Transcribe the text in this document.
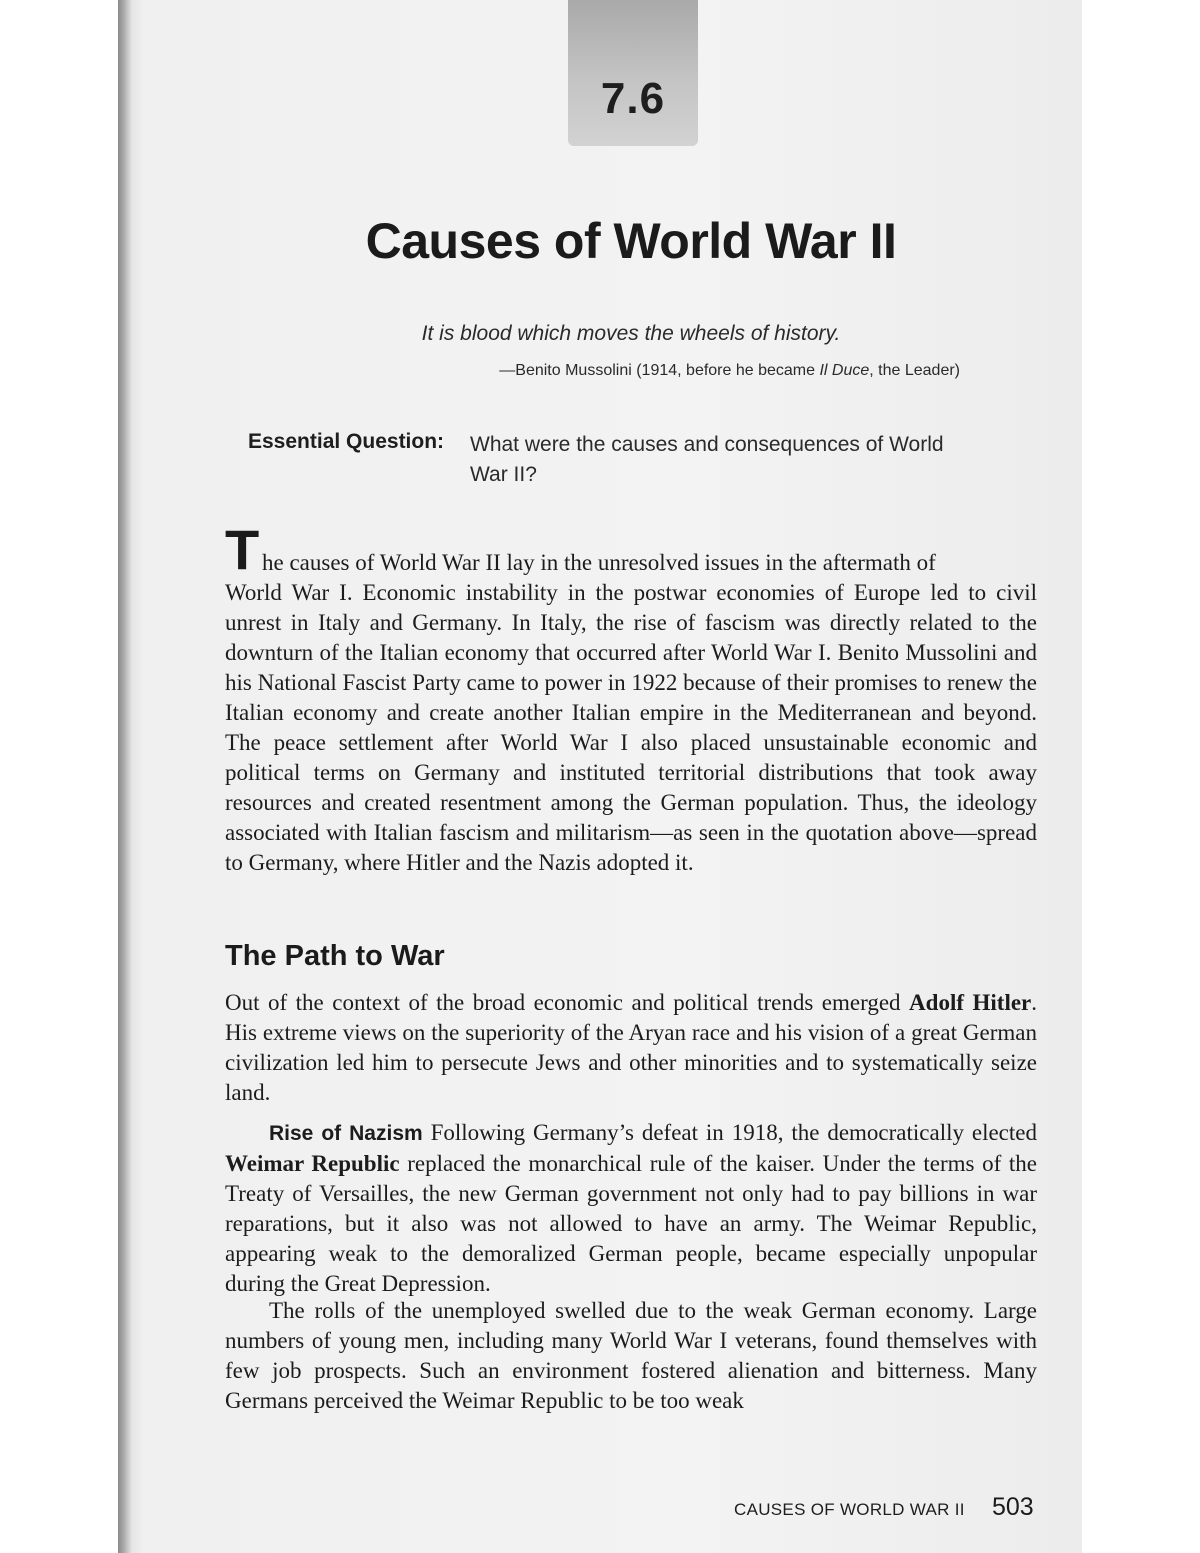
7.6
Causes of World War II
It is blood which moves the wheels of history.
—Benito Mussolini (1914, before he became Il Duce, the Leader)
Essential Question: What were the causes and consequences of World War II?
T he causes of World War II lay in the unresolved issues in the aftermath of

World War I. Economic instability in the postwar economies of Europe led to civil unrest in Italy and Germany. In Italy, the rise of fascism was directly related to the downturn of the Italian economy that occurred after World War I. Benito Mussolini and his National Fascist Party came to power in 1922 because of their promises to renew the Italian economy and create another Italian empire in the Mediterranean and beyond. The peace settlement after World War I also placed unsustainable economic and political terms on Germany and instituted territorial distributions that took away resources and created resentment among the German population. Thus, the ideology associated with Italian fascism and militarism—as seen in the quotation above—spread to Germany, where Hitler and the Nazis adopted it.

The Path to War

Out of the context of the broad economic and political trends emerged Adolf Hitler. His extreme views on the superiority of the Aryan race and his vision of a great German civilization led him to persecute Jews and other minorities and to systematically seize land.

Rise of Nazism Following Germany’s defeat in 1918, the democratically elected Weimar Republic replaced the monarchical rule of the kaiser. Under the terms of the Treaty of Versailles, the new German government not only had to pay billions in war reparations, but it also was not allowed to have an army. The Weimar Republic, appearing weak to the demoralized German people, became especially unpopular during the Great Depression.

The rolls of the unemployed swelled due to the weak German economy. Large numbers of young men, including many World War I veterans, found themselves with few job prospects. Such an environment fostered alienation and bitterness. Many Germans perceived the Weimar Republic to be too weak

CAUSES OF WORLD WAR II 503
